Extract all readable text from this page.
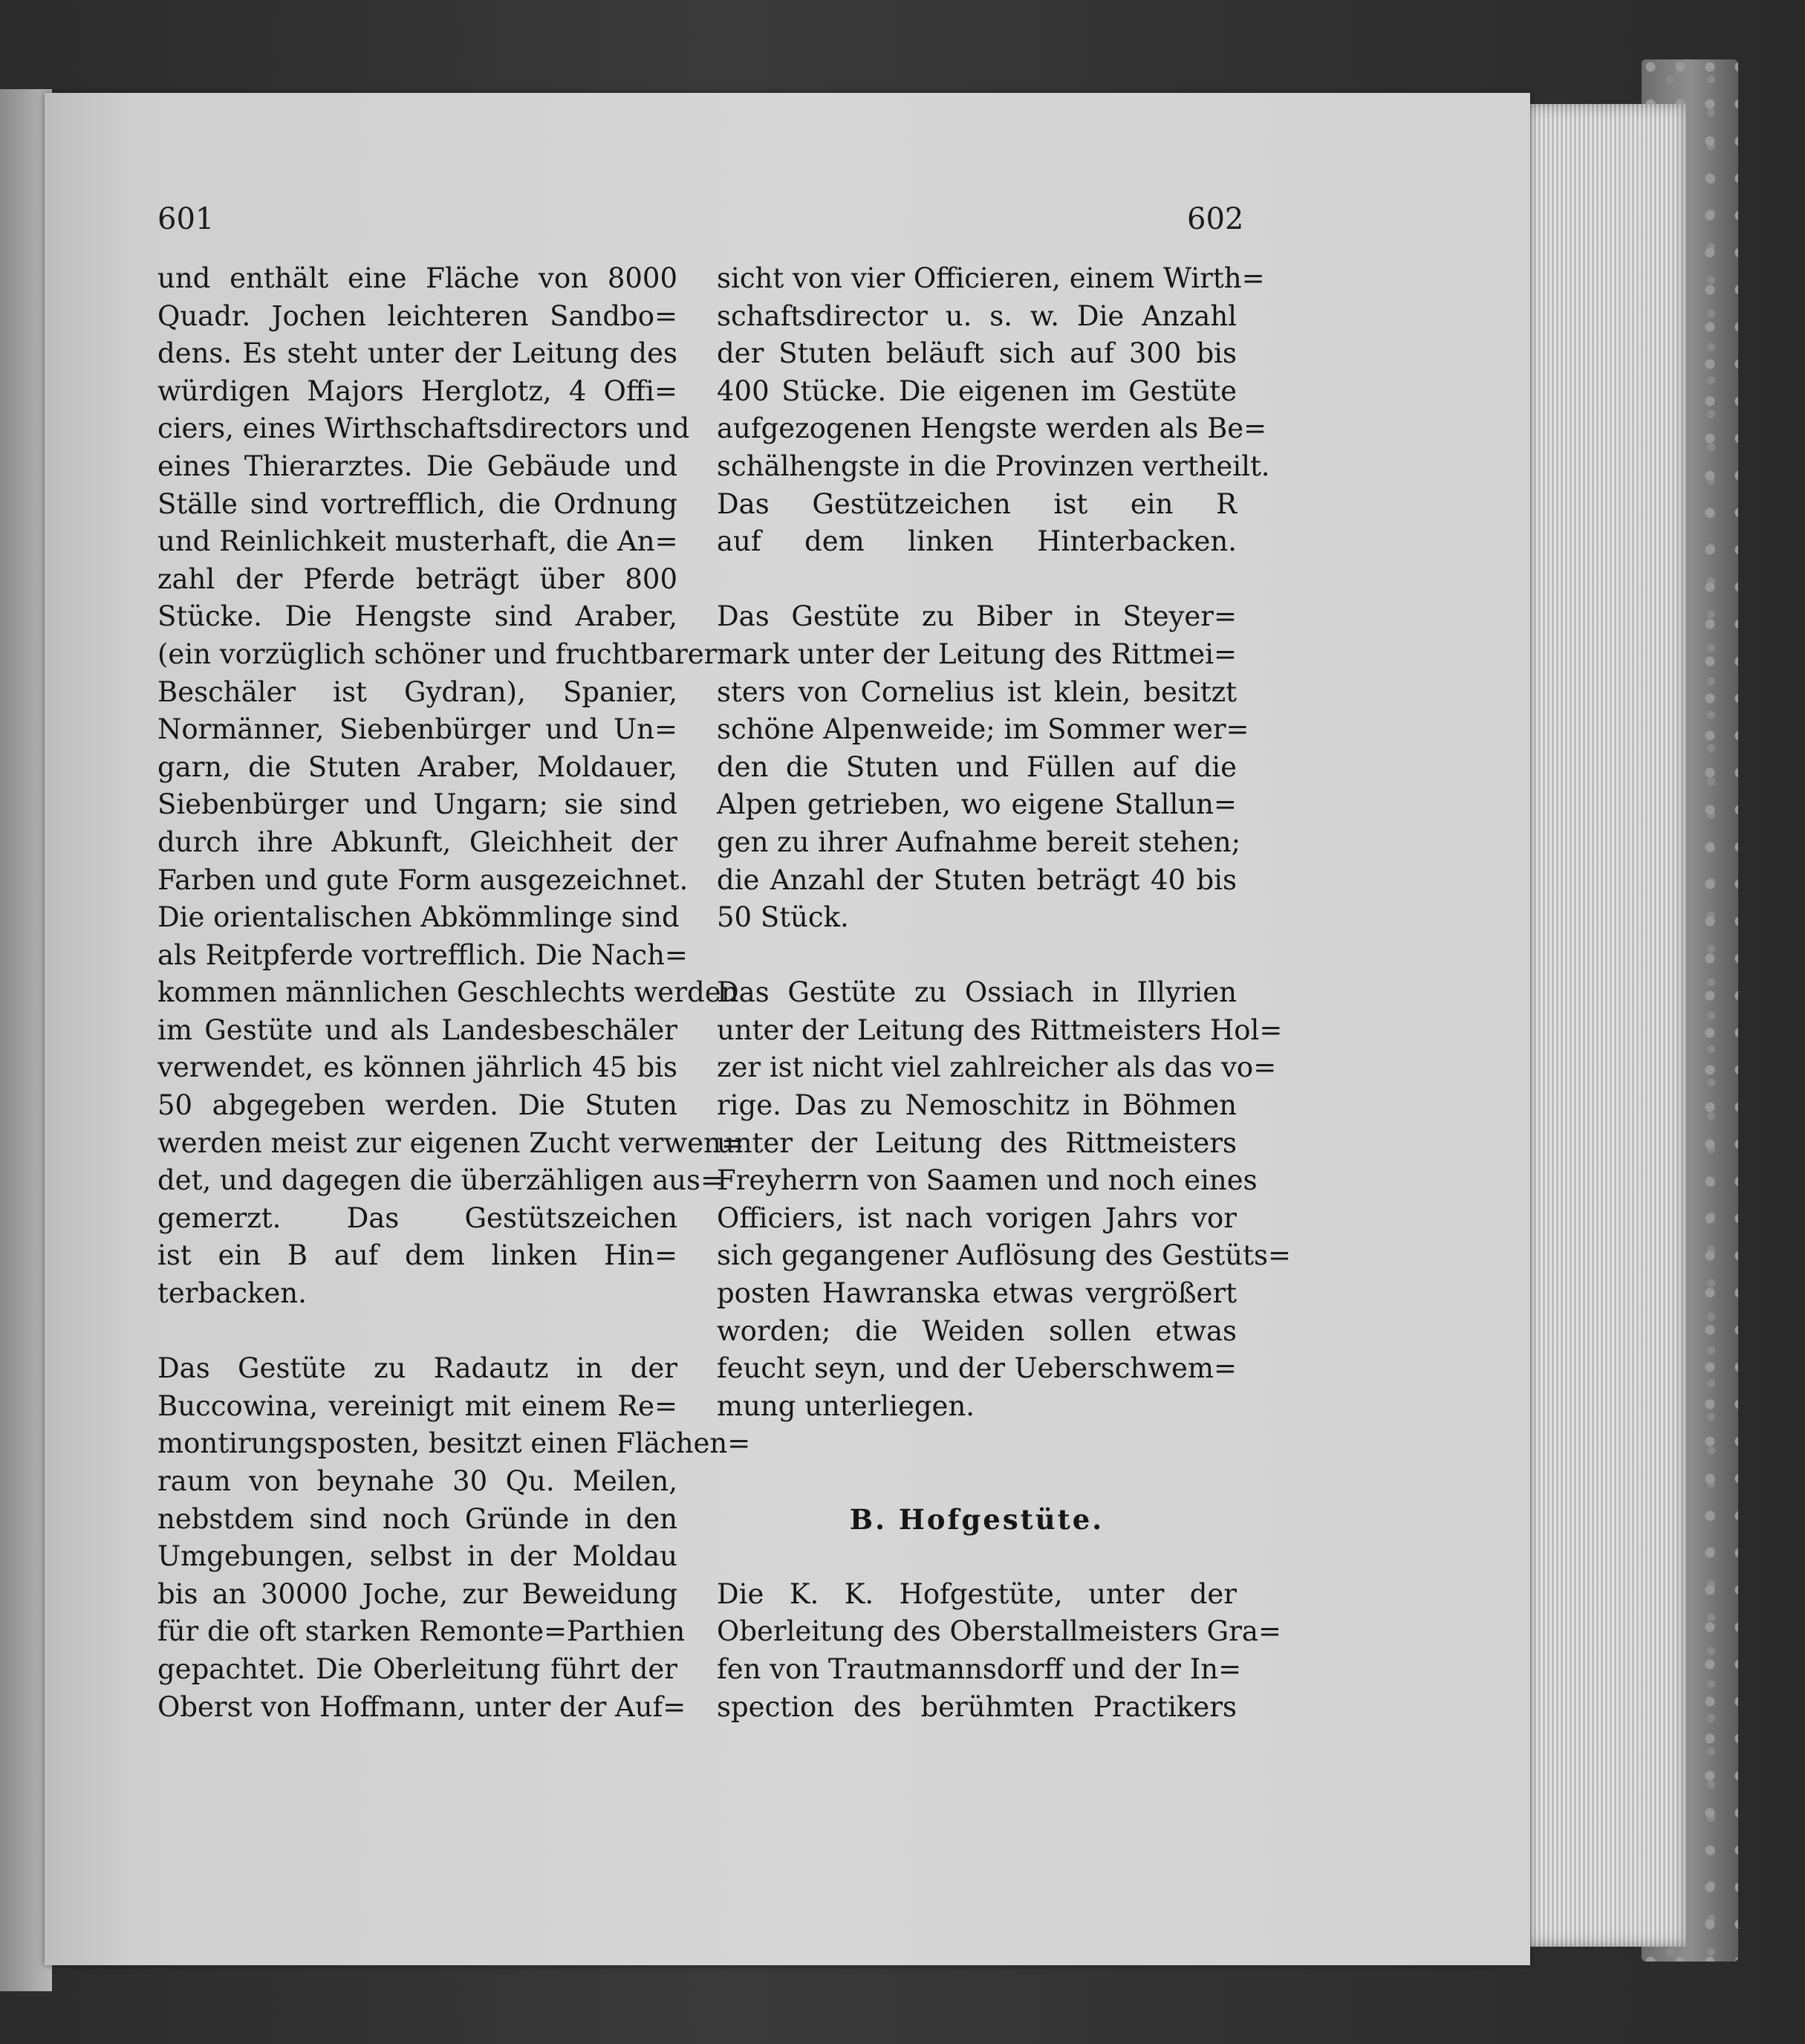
601	602
und enthält eine Fläche von 8000
Quadr. Jochen leichteren Sandbo=
dens. Es steht unter der Leitung des
würdigen Majors Herglotz, 4 Offi=
ciers, eines Wirthschaftsdirectors und
eines Thierarztes. Die Gebäude und
Ställe sind vortrefflich, die Ordnung
und Reinlichkeit musterhaft, die An=
zahl der Pferde beträgt über 800
Stücke. Die Hengste sind Araber,
(ein vorzüglich schöner und fruchtbarer
Beschäler ist Gydran), Spanier,
Normänner, Siebenbürger und Un=
garn, die Stuten Araber, Moldauer,
Siebenbürger und Ungarn; sie sind
durch ihre Abkunft, Gleichheit der
Farben und gute Form ausgezeichnet.
Die orientalischen Abkömmlinge sind
als Reitpferde vortrefflich. Die Nach=
kommen männlichen Geschlechts werden
im Gestüte und als Landesbeschäler
verwendet, es können jährlich 45 bis
50 abgegeben werden. Die Stuten
werden meist zur eigenen Zucht verwen=
det, und dagegen die überzähligen aus=
gemerzt. Das Gestütszeichen
ist ein B auf dem linken Hin=
terbacken.
Das Gestüte zu Radautz in der
Buccowina, vereinigt mit einem Re=
montirungsposten, besitzt einen Flächen=
raum von beynahe 30 Qu. Meilen,
nebstdem sind noch Gründe in den
Umgebungen, selbst in der Moldau
bis an 30000 Joche, zur Beweidung
für die oft starken Remonte=Parthien
gepachtet. Die Oberleitung führt der
Oberst von Hoffmann, unter der Auf=
sicht von vier Officieren, einem Wirth=
schaftsdirector u. s. w. Die Anzahl
der Stuten beläuft sich auf 300 bis
400 Stücke. Die eigenen im Gestüte
aufgezogenen Hengste werden als Be=
schälhengste in die Provinzen vertheilt.
Das Gestützeichen ist ein R
auf dem linken Hinterbacken.
Das Gestüte zu Biber in Steyer=
mark unter der Leitung des Rittmei=
sters von Cornelius ist klein, besitzt
schöne Alpenweide; im Sommer wer=
den die Stuten und Füllen auf die
Alpen getrieben, wo eigene Stallun=
gen zu ihrer Aufnahme bereit stehen;
die Anzahl der Stuten beträgt 40 bis
50 Stück.
Das Gestüte zu Ossiach in Illyrien
unter der Leitung des Rittmeisters Hol=
zer ist nicht viel zahlreicher als das vo=
rige. Das zu Nemoschitz in Böhmen
unter der Leitung des Rittmeisters
Freyherrn von Saamen und noch eines
Officiers, ist nach vorigen Jahrs vor
sich gegangener Auflösung des Gestüts=
posten Hawranska etwas vergrößert
worden; die Weiden sollen etwas
feucht seyn, und der Ueberschwem=
mung unterliegen.
B. Hofgestüte.
Die K. K. Hofgestüte, unter der
Oberleitung des Oberstallmeisters Gra=
fen von Trautmannsdorff und der In=
spection des berühmten Practikers
